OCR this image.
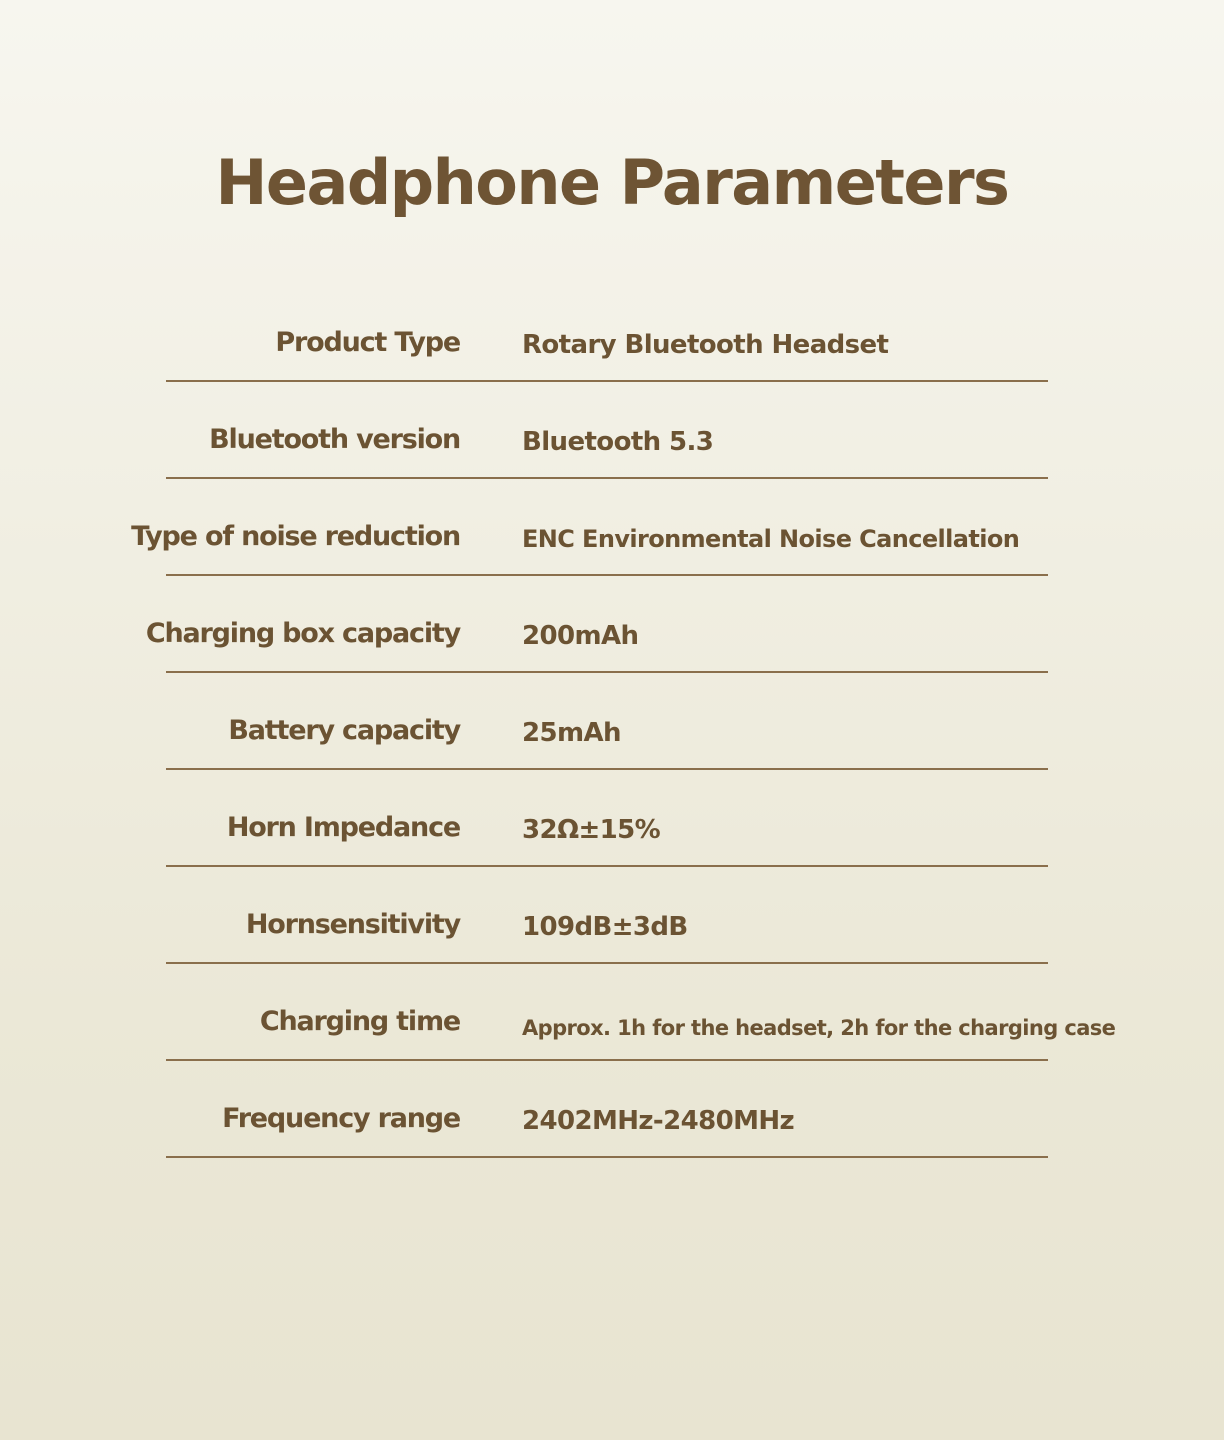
Headphone Parameters
Product Type Rotary Bluetooth Headset
Bluetooth version Bluetooth 5.3
Type of noise reduction	ENC Environmental Noise Cancellation
Charging box capacity 200mAh
Battery capacity 25mAh
Horn Impedance 32Ω±15%
Hornsensitivity 109dB±3dB
Charging time	Approx. 1h for the headset, 2h for the charging case
Frequency range 2402MHz-2480MHz
